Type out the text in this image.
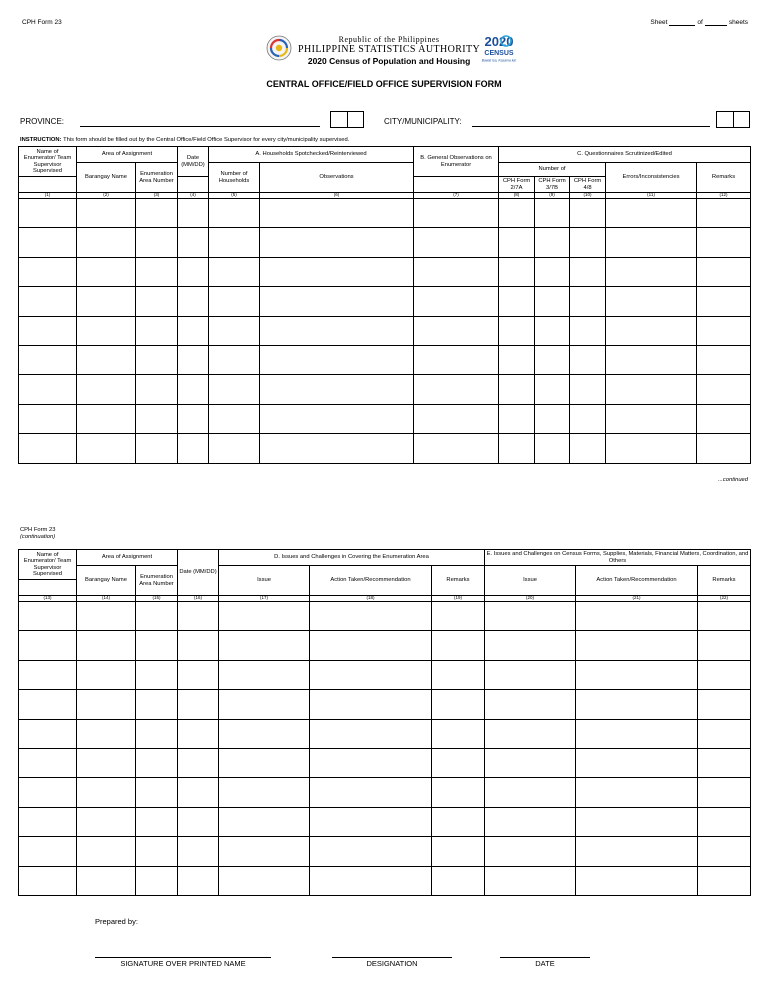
CPH Form 23	Sheet	of	sheets
Republic of the Philippines
PHILIPPINE STATISTICS AUTHORITY
2020 Census of Population and Housing
2020
CENSUS
Bawat isa, Kasama ka!
CENTRAL OFFICE/FIELD OFFICE SUPERVISION FORM
PROVINCE:	CITY/MUNICIPALITY:
INSTRUCTION: This form should be filled out by the Central Office/Field Office Supervisor for every city/municipality supervised.
Name of Enumerator/ Team Supervisor Supervised	Area of Assignment		Date (MM/DD)	A. Households Spotchecked/Reinterviewed		B. General Observations on Enumerator	C. Questionnaires Scrutinized/Edited				
	Barangay Name	Enumeration Area Number		Number of Households	Observations		Number of			Errors/Inconsistencies	Remarks
							CPH Form 2/7A	CPH Form 3/7B	CPH Form 4/8		
(1)	(2)	(3)	(4)	(5)	(6)	(7)	(8)	(9)	(10)	(11)	(12)

...continued
CPH Form 23
(continuation)
Name of Enumerator/ Team Supervisor Supervised	Area of Assignment		Date (MM/DD)	D. Issues and Challenges in Covering the Enumeration Area			E. Issues and Challenges on Census Forms, Supplies, Materials, Financial Matters, Coordination, and Others		
	Barangay Name	Enumeration Area Number		Issue	Action Taken/Recommendation	Remarks	Issue	Action Taken/Recommendation	Remarks

(13)	(14)	(15)	(16)	(17)	(18)	(19)	(20)	(21)	(22)

Prepared by:
SIGNATURE OVER PRINTED NAME	DESIGNATION	DATE
